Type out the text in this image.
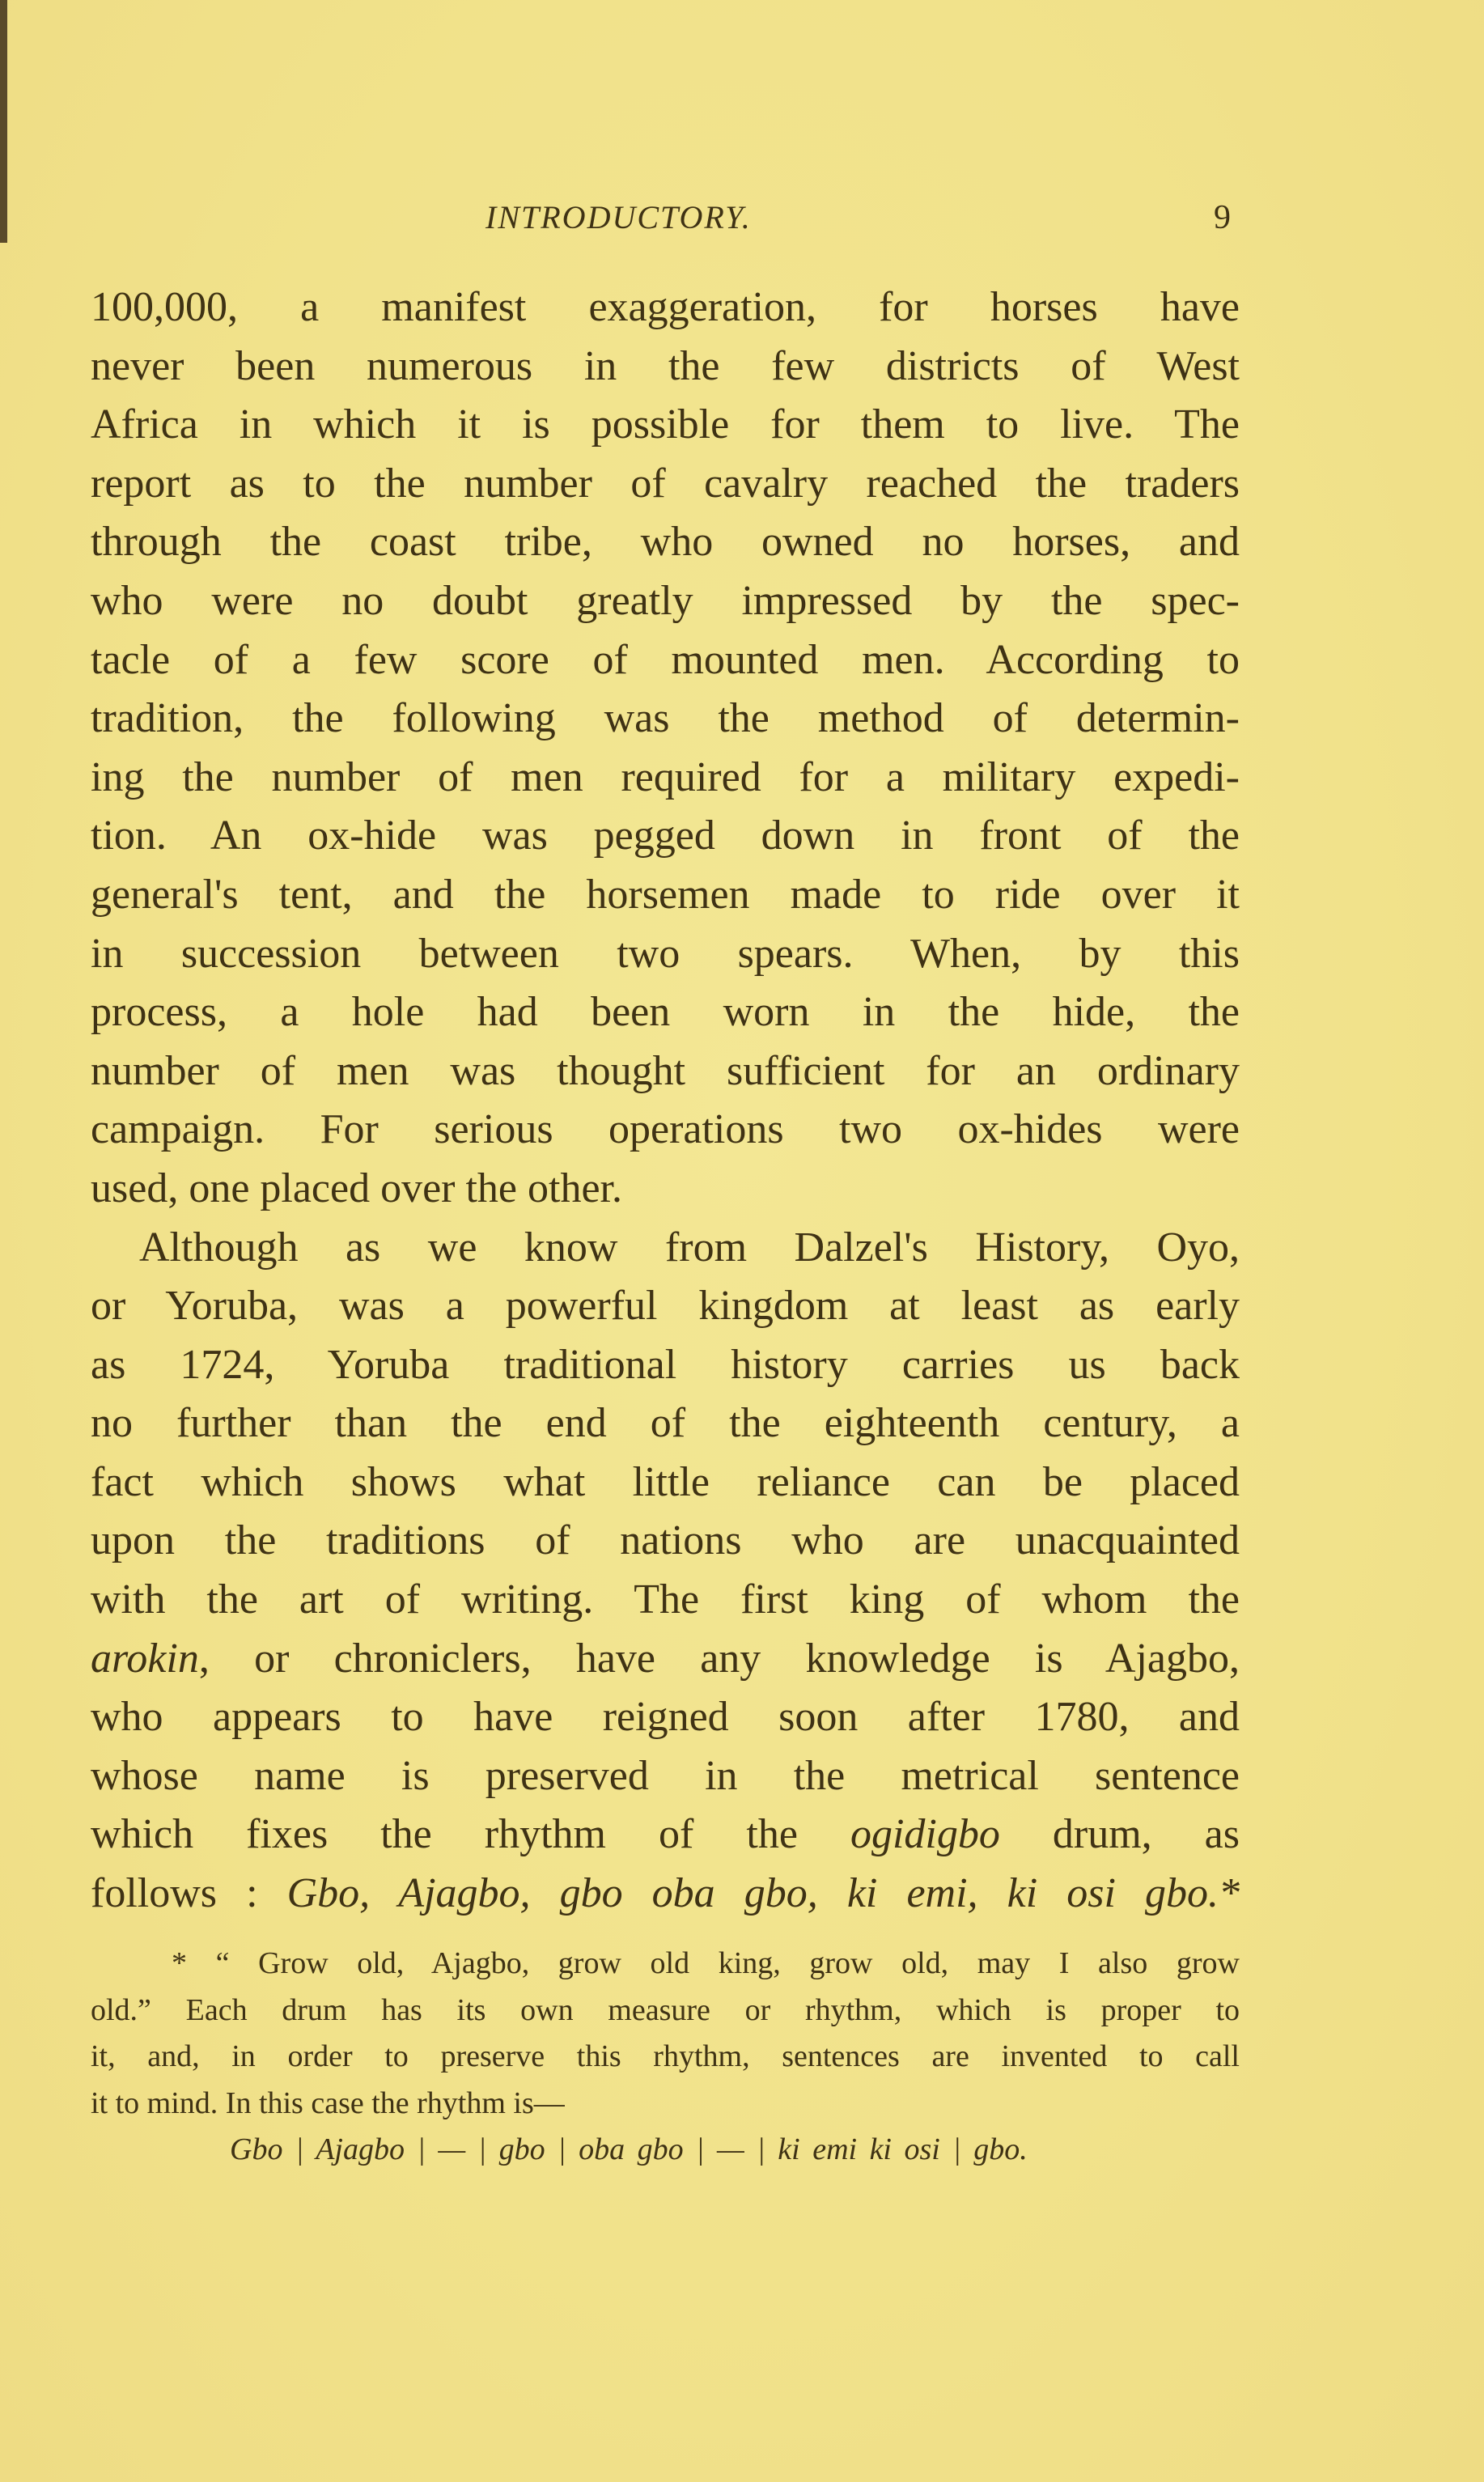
INTRODUCTORY.	9
100,000, a manifest exaggeration, for horses have
never been numerous in the few districts of West
Africa in which it is possible for them to live. The
report as to the number of cavalry reached the traders
through the coast tribe, who owned no horses, and
who were no doubt greatly impressed by the spec-
tacle of a few score of mounted men. According to
tradition, the following was the method of determin-
ing the number of men required for a military expedi-
tion. An ox-hide was pegged down in front of the
general's tent, and the horsemen made to ride over it
in succession between two spears. When, by this
process, a hole had been worn in the hide, the
number of men was thought sufficient for an ordinary
campaign. For serious operations two ox-hides were
used, one placed over the other.
Although as we know from Dalzel's History, Oyo,
or Yoruba, was a powerful kingdom at least as early
as 1724, Yoruba traditional history carries us back
no further than the end of the eighteenth century, a
fact which shows what little reliance can be placed
upon the traditions of nations who are unacquainted
with the art of writing. The first king of whom the
arokin, or chroniclers, have any knowledge is Ajagbo,
who appears to have reigned soon after 1780, and
whose name is preserved in the metrical sentence
which fixes the rhythm of the ogidigbo drum, as
follows : Gbo, Ajagbo, gbo oba gbo, ki emi, ki osi gbo.*
* “ Grow old, Ajagbo, grow old king, grow old, may I also grow
old.” Each drum has its own measure or rhythm, which is proper to
it, and, in order to preserve this rhythm, sentences are invented to call
it to mind. In this case the rhythm is—
Gbo | Ajagbo | — | gbo | oba gbo | — | ki emi ki osi | gbo.
